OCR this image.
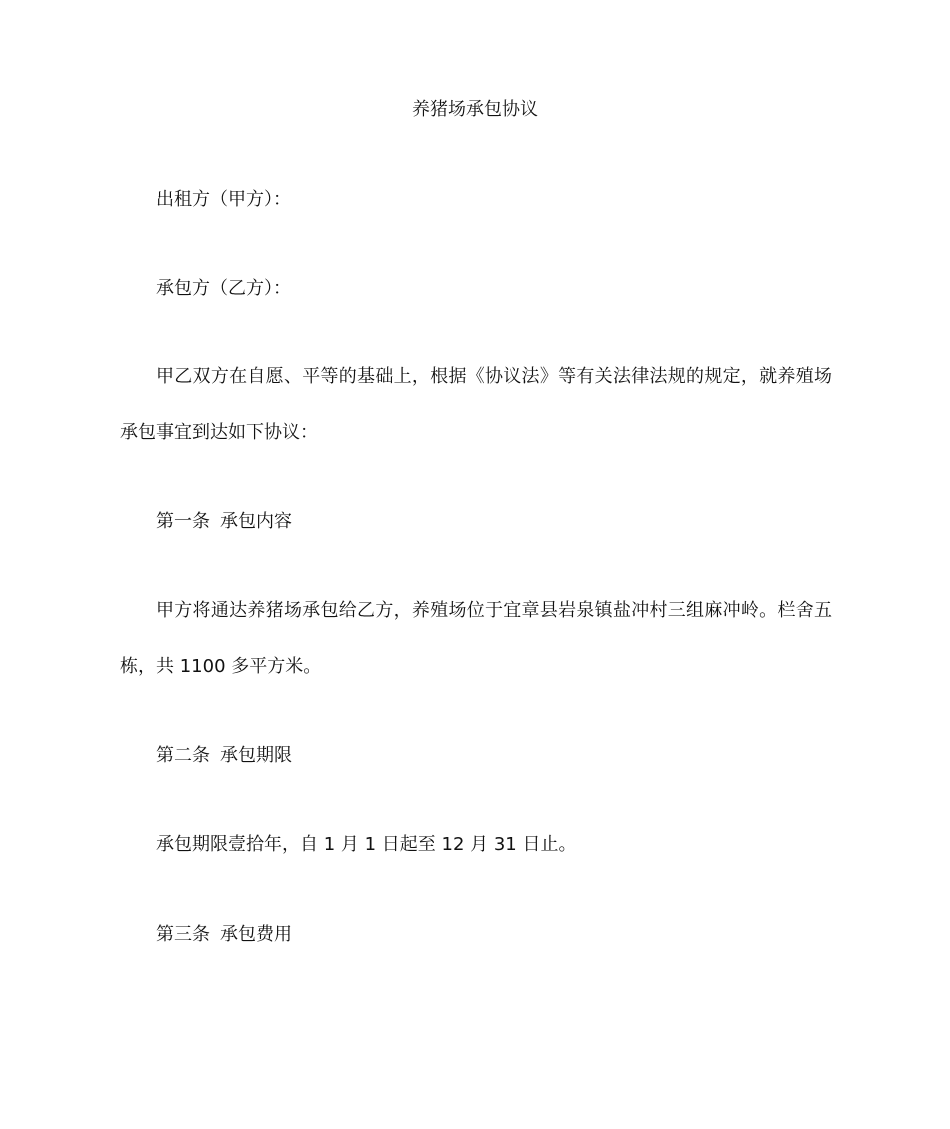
养猪场承包协议
出租方（甲方）：
承包方（乙方）：

甲乙双方在自愿、平等的基础上，根据《协议法》等有关法律法规的规定，就养殖场承包事宜到达如下协议：

第一条 承包内容

甲方将通达养猪场承包给乙方，养殖场位于宜章县岩泉镇盐冲村三组麻冲岭。栏舍五栋，共 1100 多平方米。

第二条 承包期限
承包期限壹拾年，自 1 月 1 日起至 12 月 31 日止。
第三条 承包费用
